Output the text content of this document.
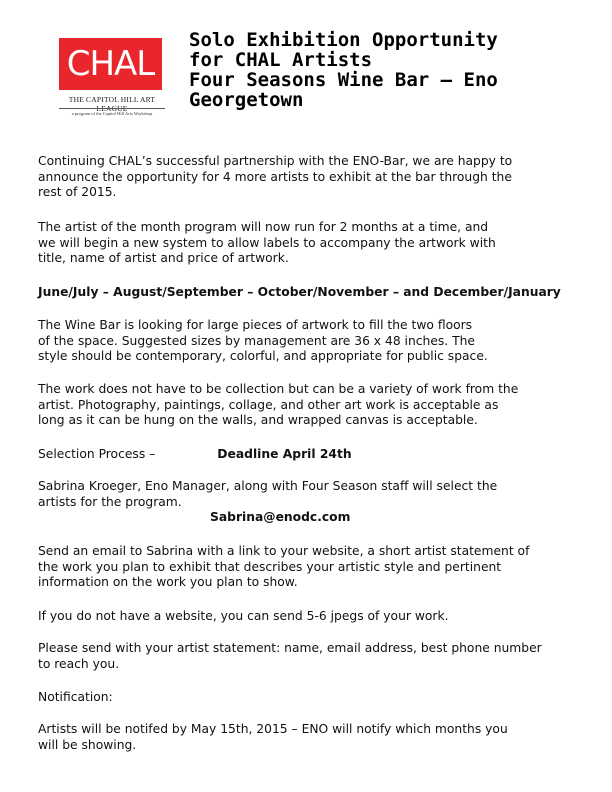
CHAL
THE CAPITOL HILL ART LEAGUE
a program of the Capitol Hill Arts Workshop
Solo Exhibition Opportunity
for CHAL Artists
Four Seasons Wine Bar – Eno
Georgetown
Continuing CHAL’s successful partnership with the ENO-Bar, we are happy to
announce the opportunity for 4 more artists to exhibit at the bar through the
rest of 2015.
The artist of the month program will now run for 2 months at a time, and
we will begin a new system to allow labels to accompany the artwork with
title, name of artist and price of artwork.
June/July – August/September – October/November – and December/January
The Wine Bar is looking for large pieces of artwork to fill the two floors
of the space. Suggested sizes by management are 36 x 48 inches. The
style should be contemporary, colorful, and appropriate for public space.
The work does not have to be collection but can be a variety of work from the
artist. Photography, paintings, collage, and other art work is acceptable as
long as it can be hung on the walls, and wrapped canvas is acceptable.
Selection Process –	Deadline April 24th
Sabrina Kroeger, Eno Manager, along with Four Season staff will select the
artists for the program.
Sabrina@enodc.com
Send an email to Sabrina with a link to your website, a short artist statement of
the work you plan to exhibit that describes your artistic style and pertinent
information on the work you plan to show.
If you do not have a website, you can send 5-6 jpegs of your work.
Please send with your artist statement: name, email address, best phone number
to reach you.
Notification:
Artists will be notifed by May 15th, 2015 – ENO will notify which months you
will be showing.
